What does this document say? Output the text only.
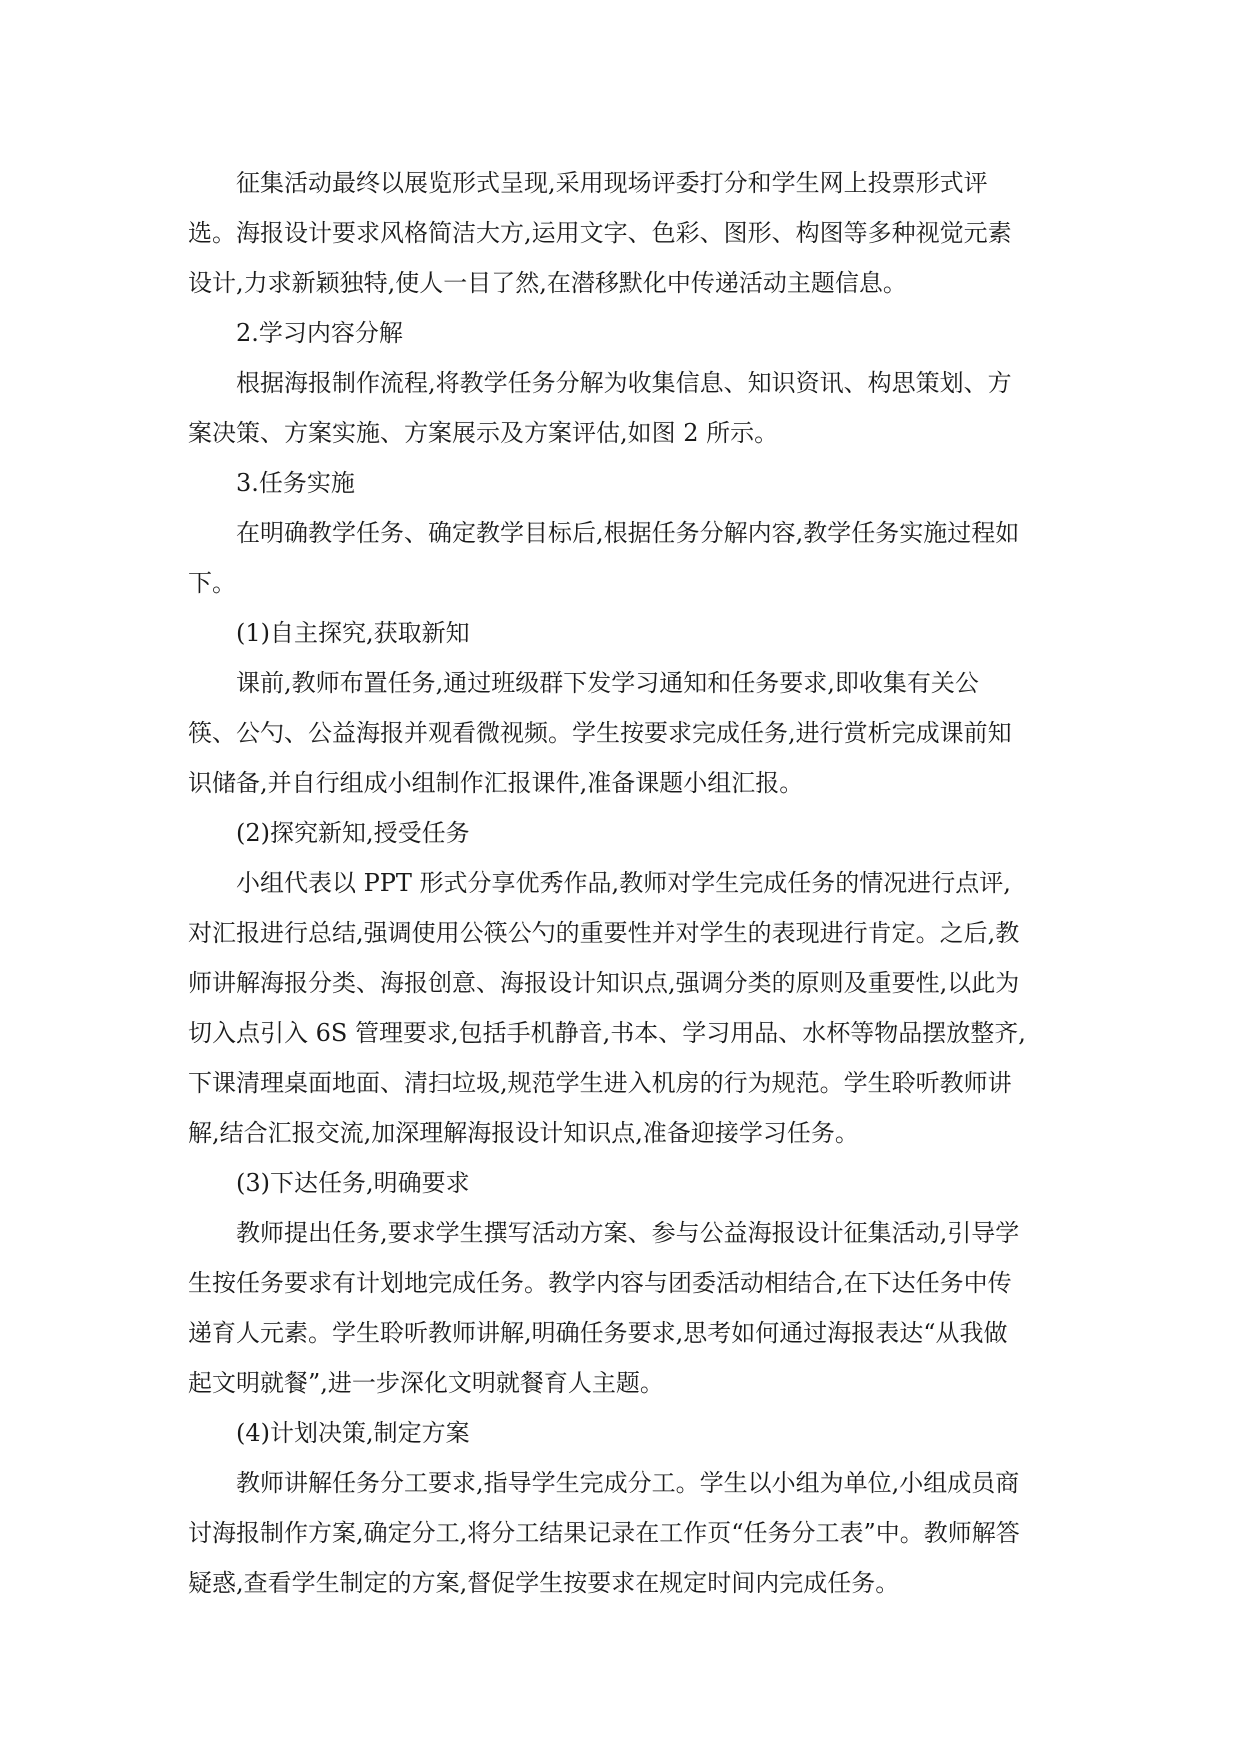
征集活动最终以展览形式呈现,采用现场评委打分和学生网上投票形式评
选。海报设计要求风格简洁大方,运用文字、色彩、图形、构图等多种视觉元素
设计,力求新颖独特,使人一目了然,在潜移默化中传递活动主题信息。
2.学习内容分解
根据海报制作流程,将教学任务分解为收集信息、知识资讯、构思策划、方
案决策、方案实施、方案展示及方案评估,如图 2 所示。
3.任务实施
在明确教学任务、确定教学目标后,根据任务分解内容,教学任务实施过程如
下。
(1)自主探究,获取新知
课前,教师布置任务,通过班级群下发学习通知和任务要求,即收集有关公
筷、公勺、公益海报并观看微视频。学生按要求完成任务,进行赏析完成课前知
识储备,并自行组成小组制作汇报课件,准备课题小组汇报。
(2)探究新知,授受任务
小组代表以 PPT 形式分享优秀作品,教师对学生完成任务的情况进行点评,
对汇报进行总结,强调使用公筷公勺的重要性并对学生的表现进行肯定。之后,教
师讲解海报分类、海报创意、海报设计知识点,强调分类的原则及重要性,以此为
切入点引入 6S 管理要求,包括手机静音,书本、学习用品、水杯等物品摆放整齐,
下课清理桌面地面、清扫垃圾,规范学生进入机房的行为规范。学生聆听教师讲
解,结合汇报交流,加深理解海报设计知识点,准备迎接学习任务。
(3)下达任务,明确要求
教师提出任务,要求学生撰写活动方案、参与公益海报设计征集活动,引导学
生按任务要求有计划地完成任务。教学内容与团委活动相结合,在下达任务中传
递育人元素。学生聆听教师讲解,明确任务要求,思考如何通过海报表达“从我做
起文明就餐”,进一步深化文明就餐育人主题。
(4)计划决策,制定方案
教师讲解任务分工要求,指导学生完成分工。学生以小组为单位,小组成员商
讨海报制作方案,确定分工,将分工结果记录在工作页“任务分工表”中。教师解答
疑惑,查看学生制定的方案,督促学生按要求在规定时间内完成任务。
